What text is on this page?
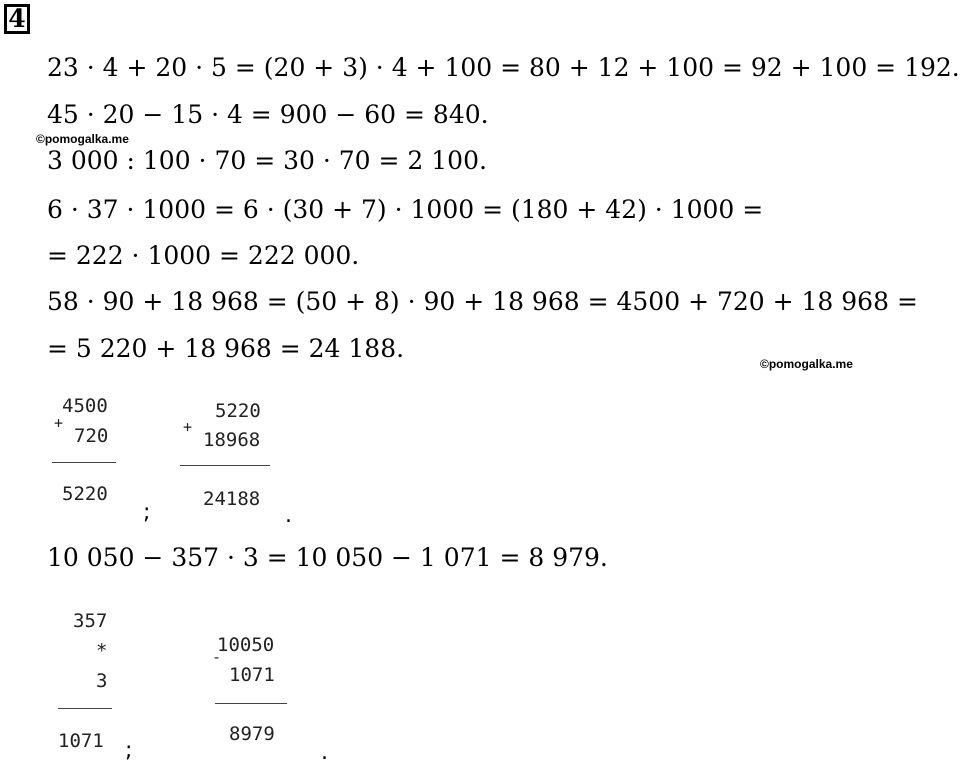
4
23 · 4 + 20 · 5 = (20 + 3) · 4 + 100 = 80 + 12 + 100 = 92 + 100 = 192.
45 · 20 − 15 · 4 = 900 − 60 = 840.
©pomogalka.me
3 000 : 100 · 70 = 30 · 70 = 2 100.
6 · 37 · 1000 = 6 · (30 + 7) · 1000 = (180 + 42) · 1000 =
= 222 · 1000 = 222 000.
58 · 90 + 18 968 = (50 + 8) · 90 + 18 968 = 4500 + 720 + 18 968 =
= 5 220 + 18 968 = 24 188.
©pomogalka.me
4500
+
720
5220
;
5220
+
18968
24188
.
10 050 − 357 · 3 = 10 050 − 1 071 = 8 979.
357
*
3
1071 ;
10050
-
1071
8979
.
